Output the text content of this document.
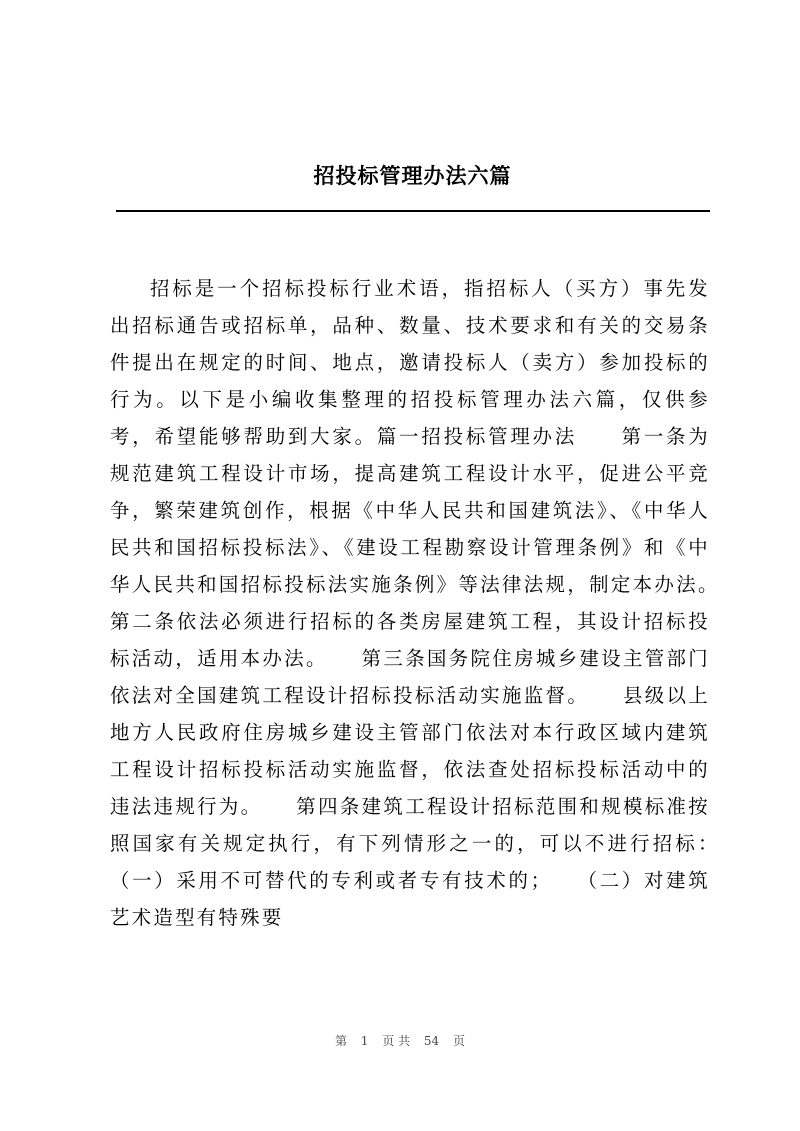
招投标管理办法六篇

招标是一个招标投标行业术语，指招标人（买方）事先发出招标通告或招标单，品种、数量、技术要求和有关的交易条件提出在规定的时间、地点，邀请投标人（卖方）参加投标的行为。以下是小编收集整理的招投标管理办法六篇，仅供参考，希望能够帮助到大家。篇一招投标管理办法　　第一条为规范建筑工程设计市场，提高建筑工程设计水平，促进公平竞争，繁荣建筑创作，根据《中华人民共和国建筑法》、《中华人民共和国招标投标法》、《建设工程勘察设计管理条例》和《中华人民共和国招标投标法实施条例》等法律法规，制定本办法。　　第二条依法必须进行招标的各类房屋建筑工程，其设计招标投标活动，适用本办法。　　第三条国务院住房城乡建设主管部门依法对全国建筑工程设计招标投标活动实施监督。　　县级以上地方人民政府住房城乡建设主管部门依法对本行政区域内建筑工程设计招标投标活动实施监督，依法查处招标投标活动中的违法违规行为。　　第四条建筑工程设计招标范围和规模标准按照国家有关规定执行，有下列情形之一的，可以不进行招标：　　（一）采用不可替代的专利或者专有技术的；　　（二）对建筑艺术造型有特殊要

第 1 页 共 54 页
